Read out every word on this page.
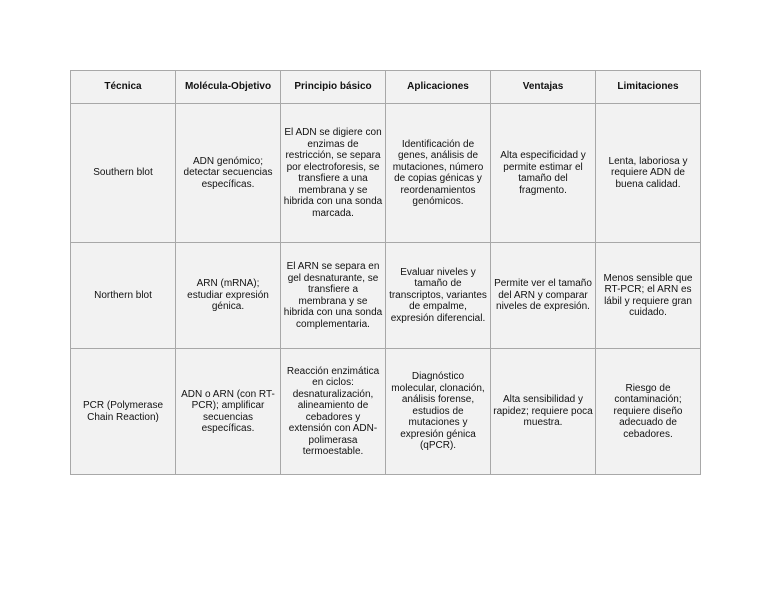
Técnica	Molécula-Objetivo	Principio básico	Aplicaciones	Ventajas	Limitaciones
Southern blot	ADN genómico; detectar secuencias específicas.	El ADN se digiere con enzimas de restricción, se separa por electroforesis, se transfiere a una membrana y se hibrida con una sonda marcada.	Identificación de genes, análisis de mutaciones, número de copias génicas y reordenamientos genómicos.	Alta especificidad y permite estimar el tamaño del fragmento.	Lenta, laboriosa y requiere ADN de buena calidad.
Northern blot	ARN (mRNA); estudiar expresión génica.	El ARN se separa en gel desnaturante, se transfiere a membrana y se hibrida con una sonda complementaria.	Evaluar niveles y tamaño de transcriptos, variantes de empalme, expresión diferencial.	Permite ver el tamaño del ARN y comparar niveles de expresión.	Menos sensible que RT-PCR; el ARN es lábil y requiere gran cuidado.
PCR (Polymerase Chain Reaction)	ADN o ARN (con RT-PCR); amplificar secuencias específicas.	Reacción enzimática en ciclos: desnaturalización, alineamiento de cebadores y extensión con ADN-polimerasa termoestable.	Diagnóstico molecular, clonación, análisis forense, estudios de mutaciones y expresión génica (qPCR).	Alta sensibilidad y rapidez; requiere poca muestra.	Riesgo de contaminación; requiere diseño adecuado de cebadores.
